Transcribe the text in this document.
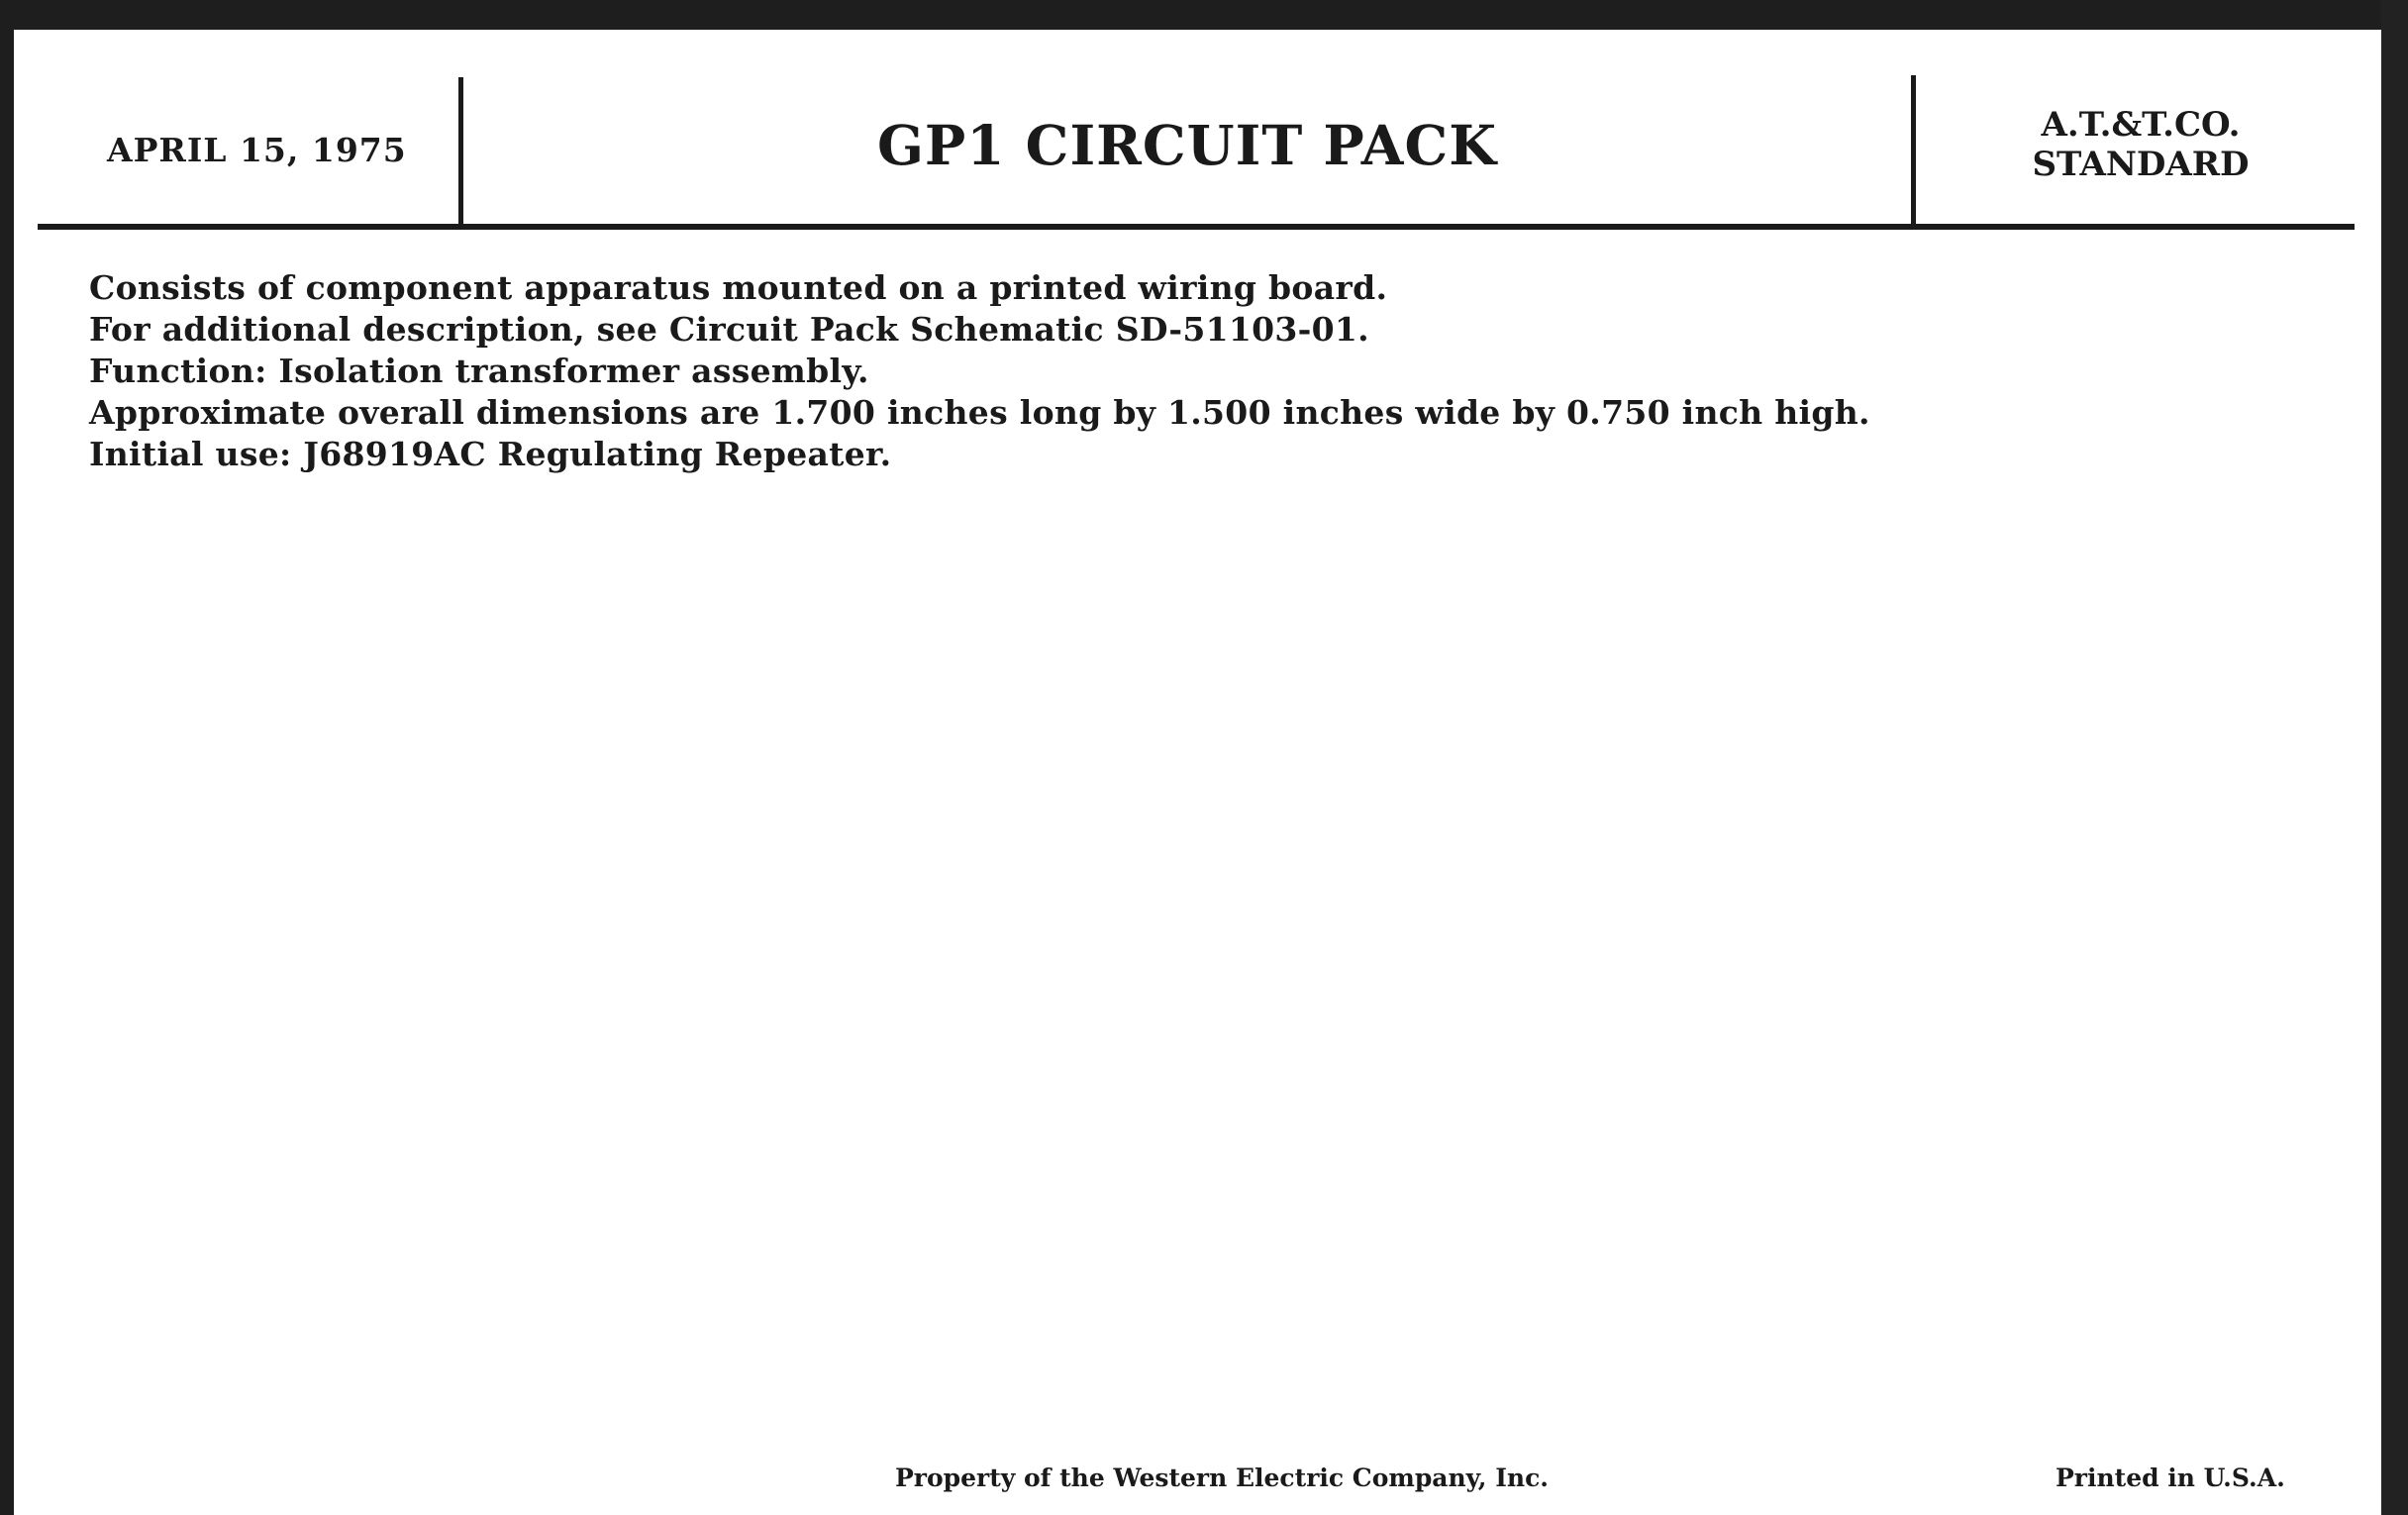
APRIL 15, 1975	GP1 CIRCUIT PACK	A.T.&T.CO.
STANDARD
Consists of component apparatus mounted on a printed wiring board.
For additional description, see Circuit Pack Schematic SD-51103-01.
Function: Isolation transformer assembly.
Approximate overall dimensions are 1.700 inches long by 1.500 inches wide by 0.750 inch high.
Initial use: J68919AC Regulating Repeater.
Property of the Western Electric Company, Inc.	Printed in U.S.A.
